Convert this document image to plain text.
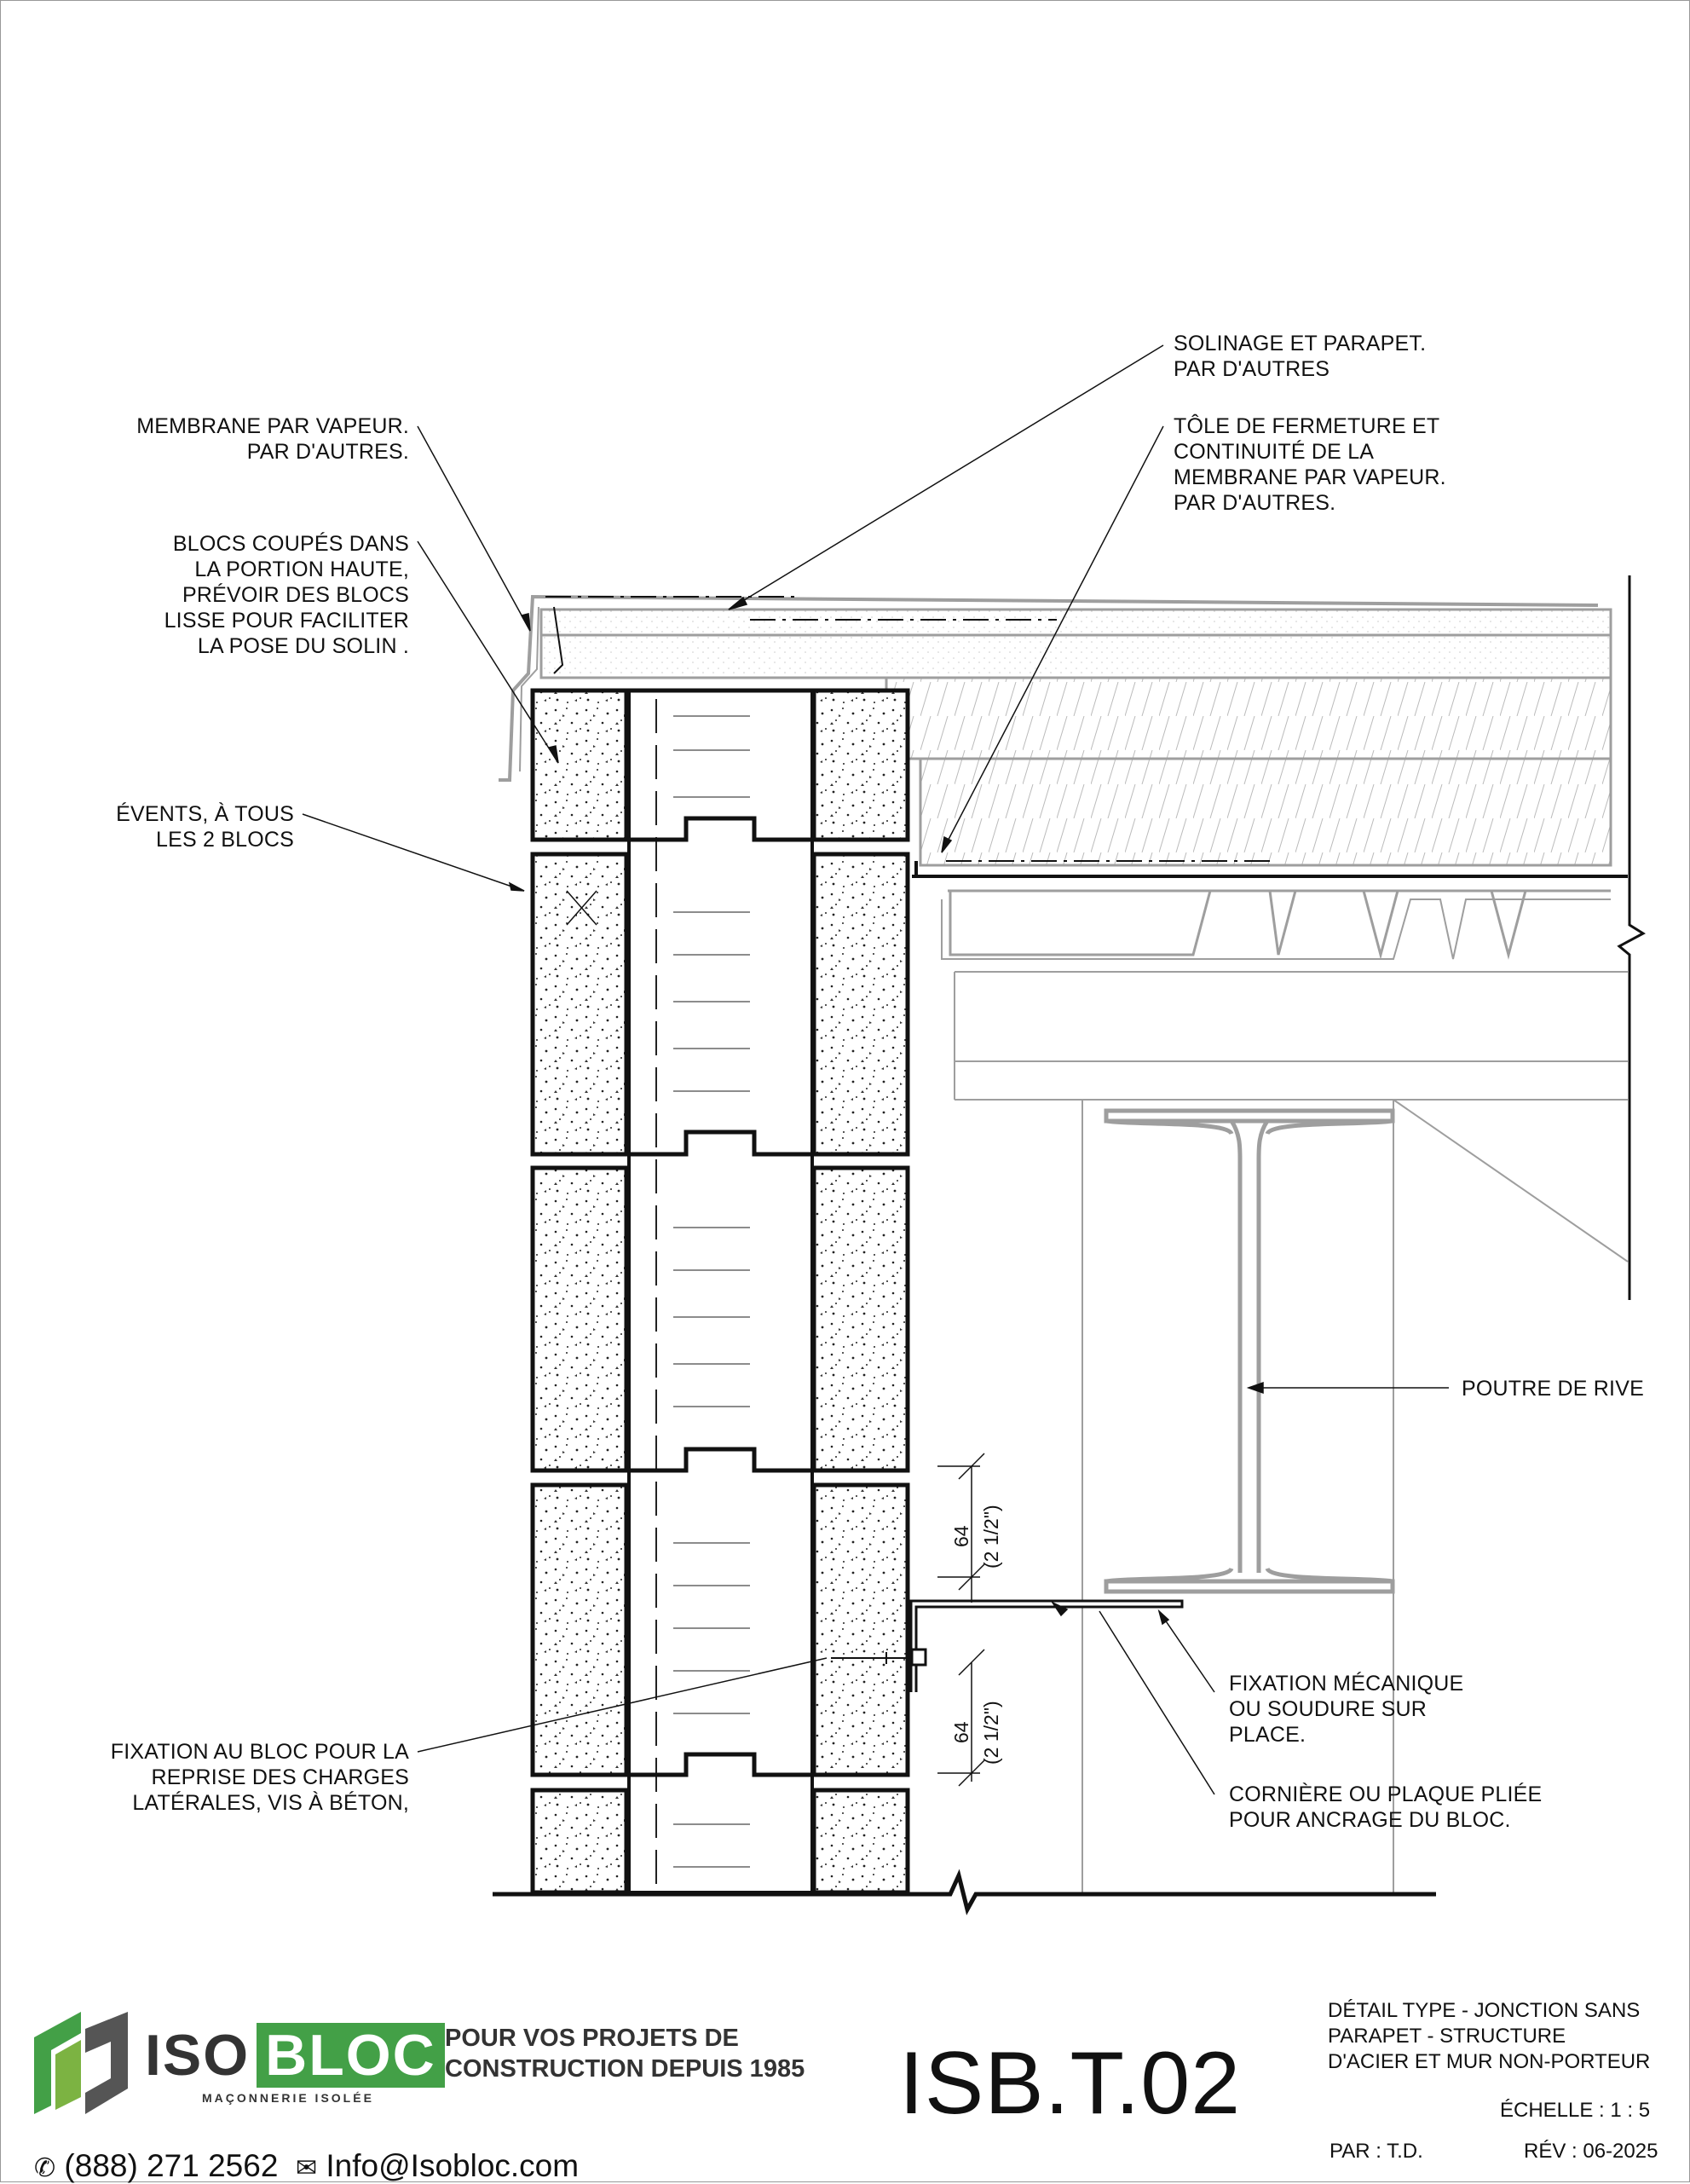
MEMBRANE PAR VAPEUR.
PAR D'AUTRES.
BLOCS COUPÉS DANS
LA PORTION HAUTE,
PRÉVOIR DES BLOCS
LISSE POUR FACILITER
LA POSE DU SOLIN .
ÉVENTS, À TOUS
LES 2 BLOCS
FIXATION AU BLOC POUR LA
REPRISE DES CHARGES
LATÉRALES, VIS À BÉTON,
SOLINAGE ET PARAPET.
PAR D'AUTRES
TÔLE DE FERMETURE ET
CONTINUITÉ DE LA
MEMBRANE PAR VAPEUR.
PAR D'AUTRES.
POUTRE DE RIVE
FIXATION MÉCANIQUE
OU SOUDURE SUR
PLACE.
CORNIÈRE OU PLAQUE PLIÉE
POUR ANCRAGE DU BLOC.
64 (2 1/2")
64 (2 1/2")
ISO BLOC
MAÇONNERIE ISOLÉE
POUR VOS PROJETS DE
CONSTRUCTION DEPUIS 1985
✆ (888) 271 2562 ✉ Info@Isobloc.com
ISB.T.02
DÉTAIL TYPE - JONCTION SANS
PARAPET - STRUCTURE
D'ACIER ET MUR NON-PORTEUR
ÉCHELLE : 1 : 5
PAR : T.D.	RÉV : 06-2025
